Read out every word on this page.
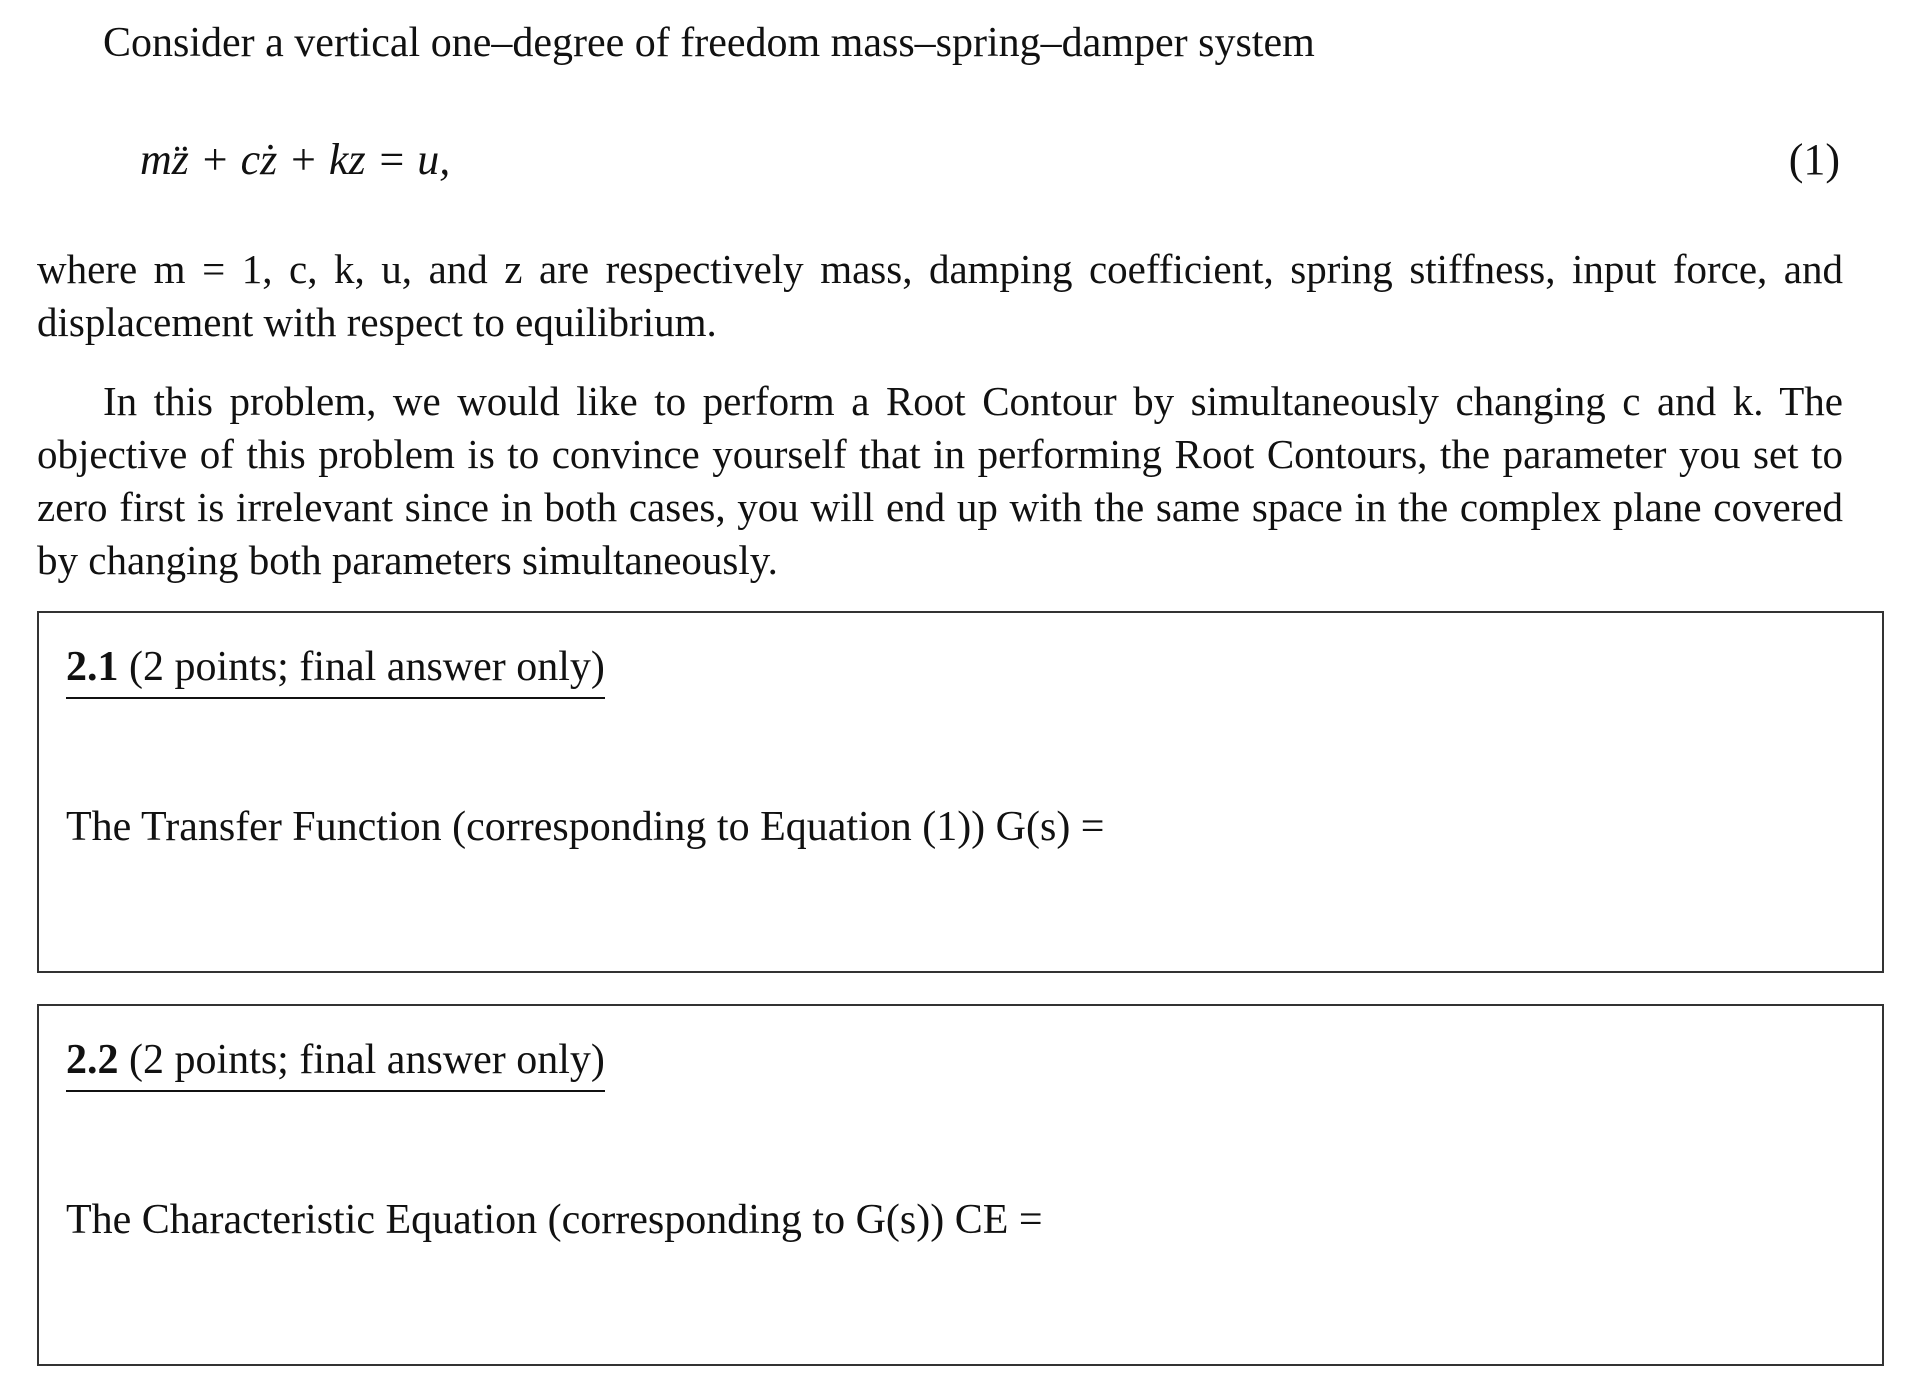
Consider a vertical one–degree of freedom mass–spring–damper system
mz̈ + cż + kz = u,	(1)
where m = 1, c, k, u, and z are respectively mass, damping coefficient, spring stiffness, input force, and displacement with respect to equilibrium.
In this problem, we would like to perform a Root Contour by simultaneously changing c and k. The objective of this problem is to convince yourself that in performing Root Contours, the parameter you set to zero first is irrelevant since in both cases, you will end up with the same space in the complex plane covered by changing both parameters simultaneously.
2.1 (2 points; final answer only)
The Transfer Function (corresponding to Equation (1)) G(s) =
2.2 (2 points; final answer only)
The Characteristic Equation (corresponding to G(s)) CE =
